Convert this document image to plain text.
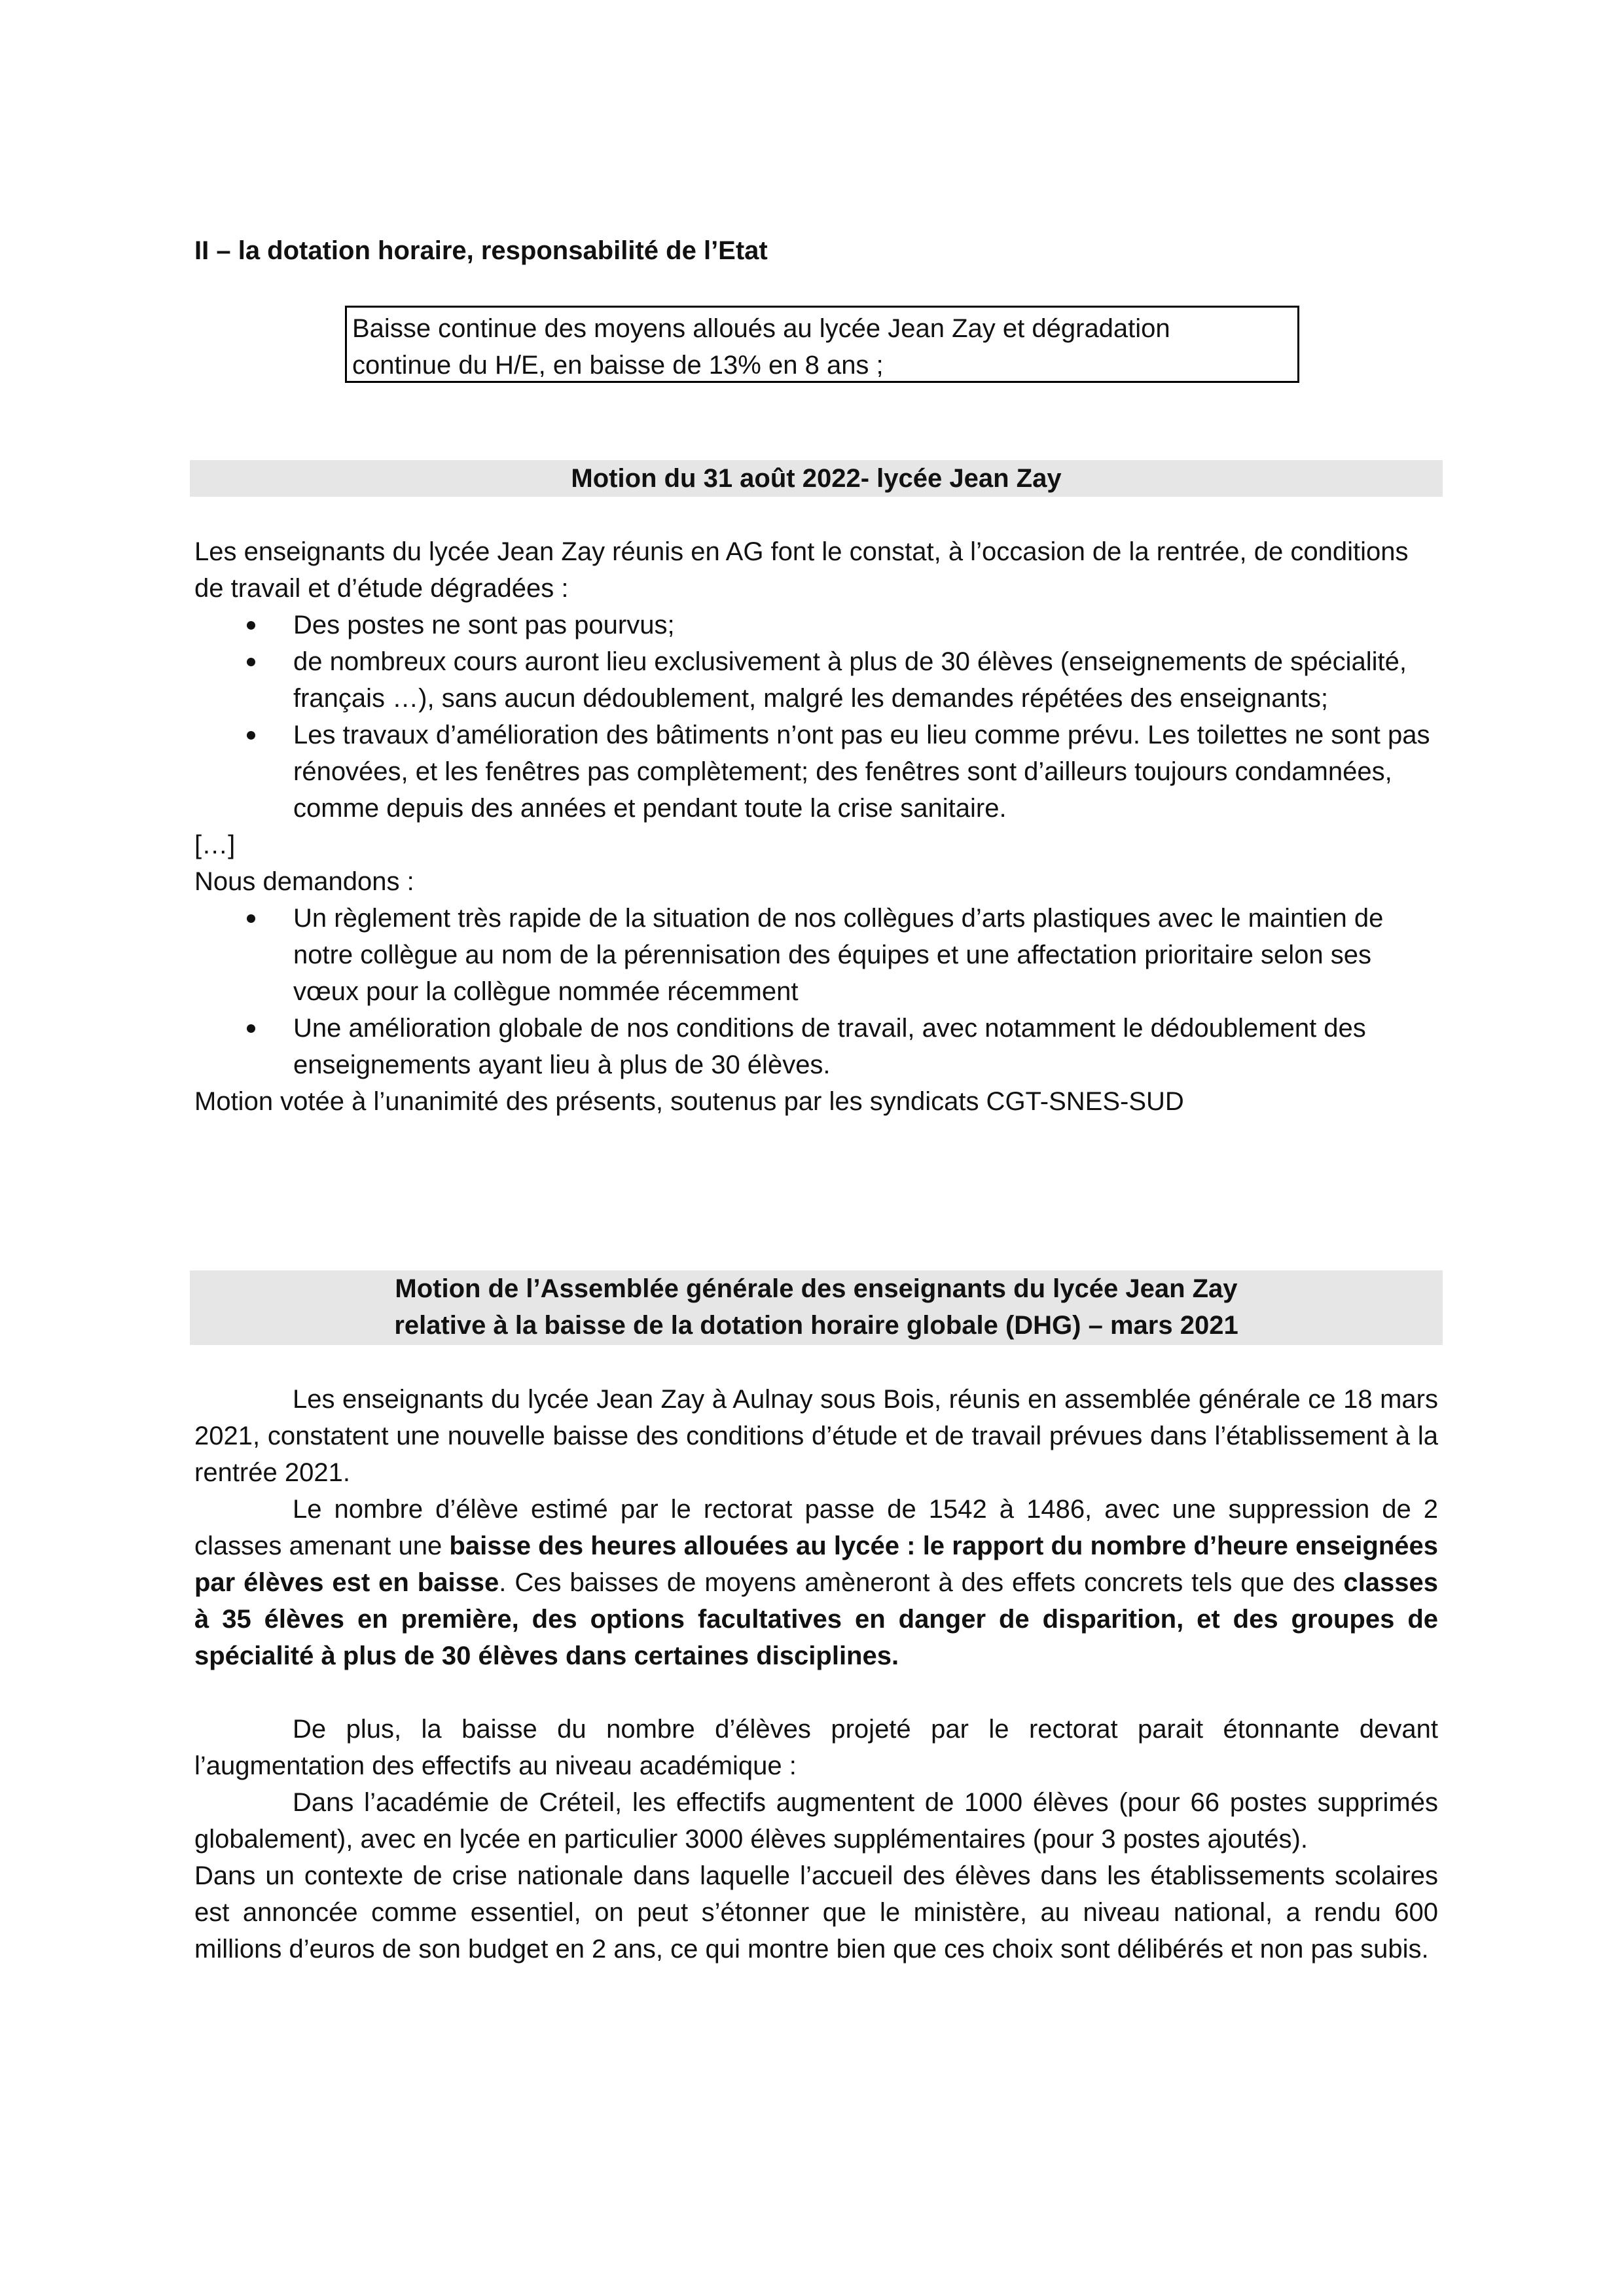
II – la dotation horaire, responsabilité de l’Etat
Baisse continue des moyens alloués au lycée Jean Zay et dégradation
continue du H/E, en baisse de 13% en 8 ans ;
Motion du 31 août 2022- lycée Jean Zay

Les enseignants du lycée Jean Zay réunis en AG font le constat, à l’occasion de la rentrée, de conditions de travail et d’étude dégradées :

Des postes ne sont pas pourvus;
de nombreux cours auront lieu exclusivement à plus de 30 élèves (enseignements de spécialité, français …), sans aucun dédoublement, malgré les demandes répétées des enseignants;
Les travaux d’amélioration des bâtiments n’ont pas eu lieu comme prévu. Les toilettes ne sont pas rénovées, et les fenêtres pas complètement; des fenêtres sont d’ailleurs toujours condamnées, comme depuis des années et pendant toute la crise sanitaire.

[…]

Nous demandons :

Un règlement très rapide de la situation de nos collègues d’arts plastiques avec le maintien de notre collègue au nom de la pérennisation des équipes et une affectation prioritaire selon ses vœux pour la collègue nommée récemment
Une amélioration globale de nos conditions de travail, avec notamment le dédoublement des enseignements ayant lieu à plus de 30 élèves.

Motion votée à l’unanimité des présents, soutenus par les syndicats CGT-SNES-SUD

Motion de l’Assemblée générale des enseignants du lycée Jean Zay
relative à la baisse de la dotation horaire globale (DHG) – mars 2021

Les enseignants du lycée Jean Zay à Aulnay sous Bois, réunis en assemblée générale ce 18 mars 2021, constatent une nouvelle baisse des conditions d’étude et de travail prévues dans l’établissement à la rentrée 2021.

Le nombre d’élève estimé par le rectorat passe de 1542 à 1486, avec une suppression de 2 classes amenant une baisse des heures allouées au lycée : le rapport du nombre d’heure enseignées par élèves est en baisse. Ces baisses de moyens amèneront à des effets concrets tels que des classes à 35 élèves en première, des options facultatives en danger de disparition, et des groupes de spécialité à plus de 30 élèves dans certaines disciplines.

De plus, la baisse du nombre d’élèves projeté par le rectorat parait étonnante devant l’augmentation des effectifs au niveau académique :

Dans l’académie de Créteil, les effectifs augmentent de 1000 élèves (pour 66 postes supprimés globalement), avec en lycée en particulier 3000 élèves supplémentaires (pour 3 postes ajoutés).

Dans un contexte de crise nationale dans laquelle l’accueil des élèves dans les établissements scolaires est annoncée comme essentiel, on peut s’étonner que le ministère, au niveau national, a rendu 600 millions d’euros de son budget en 2 ans, ce qui montre bien que ces choix sont délibérés et non pas subis.
